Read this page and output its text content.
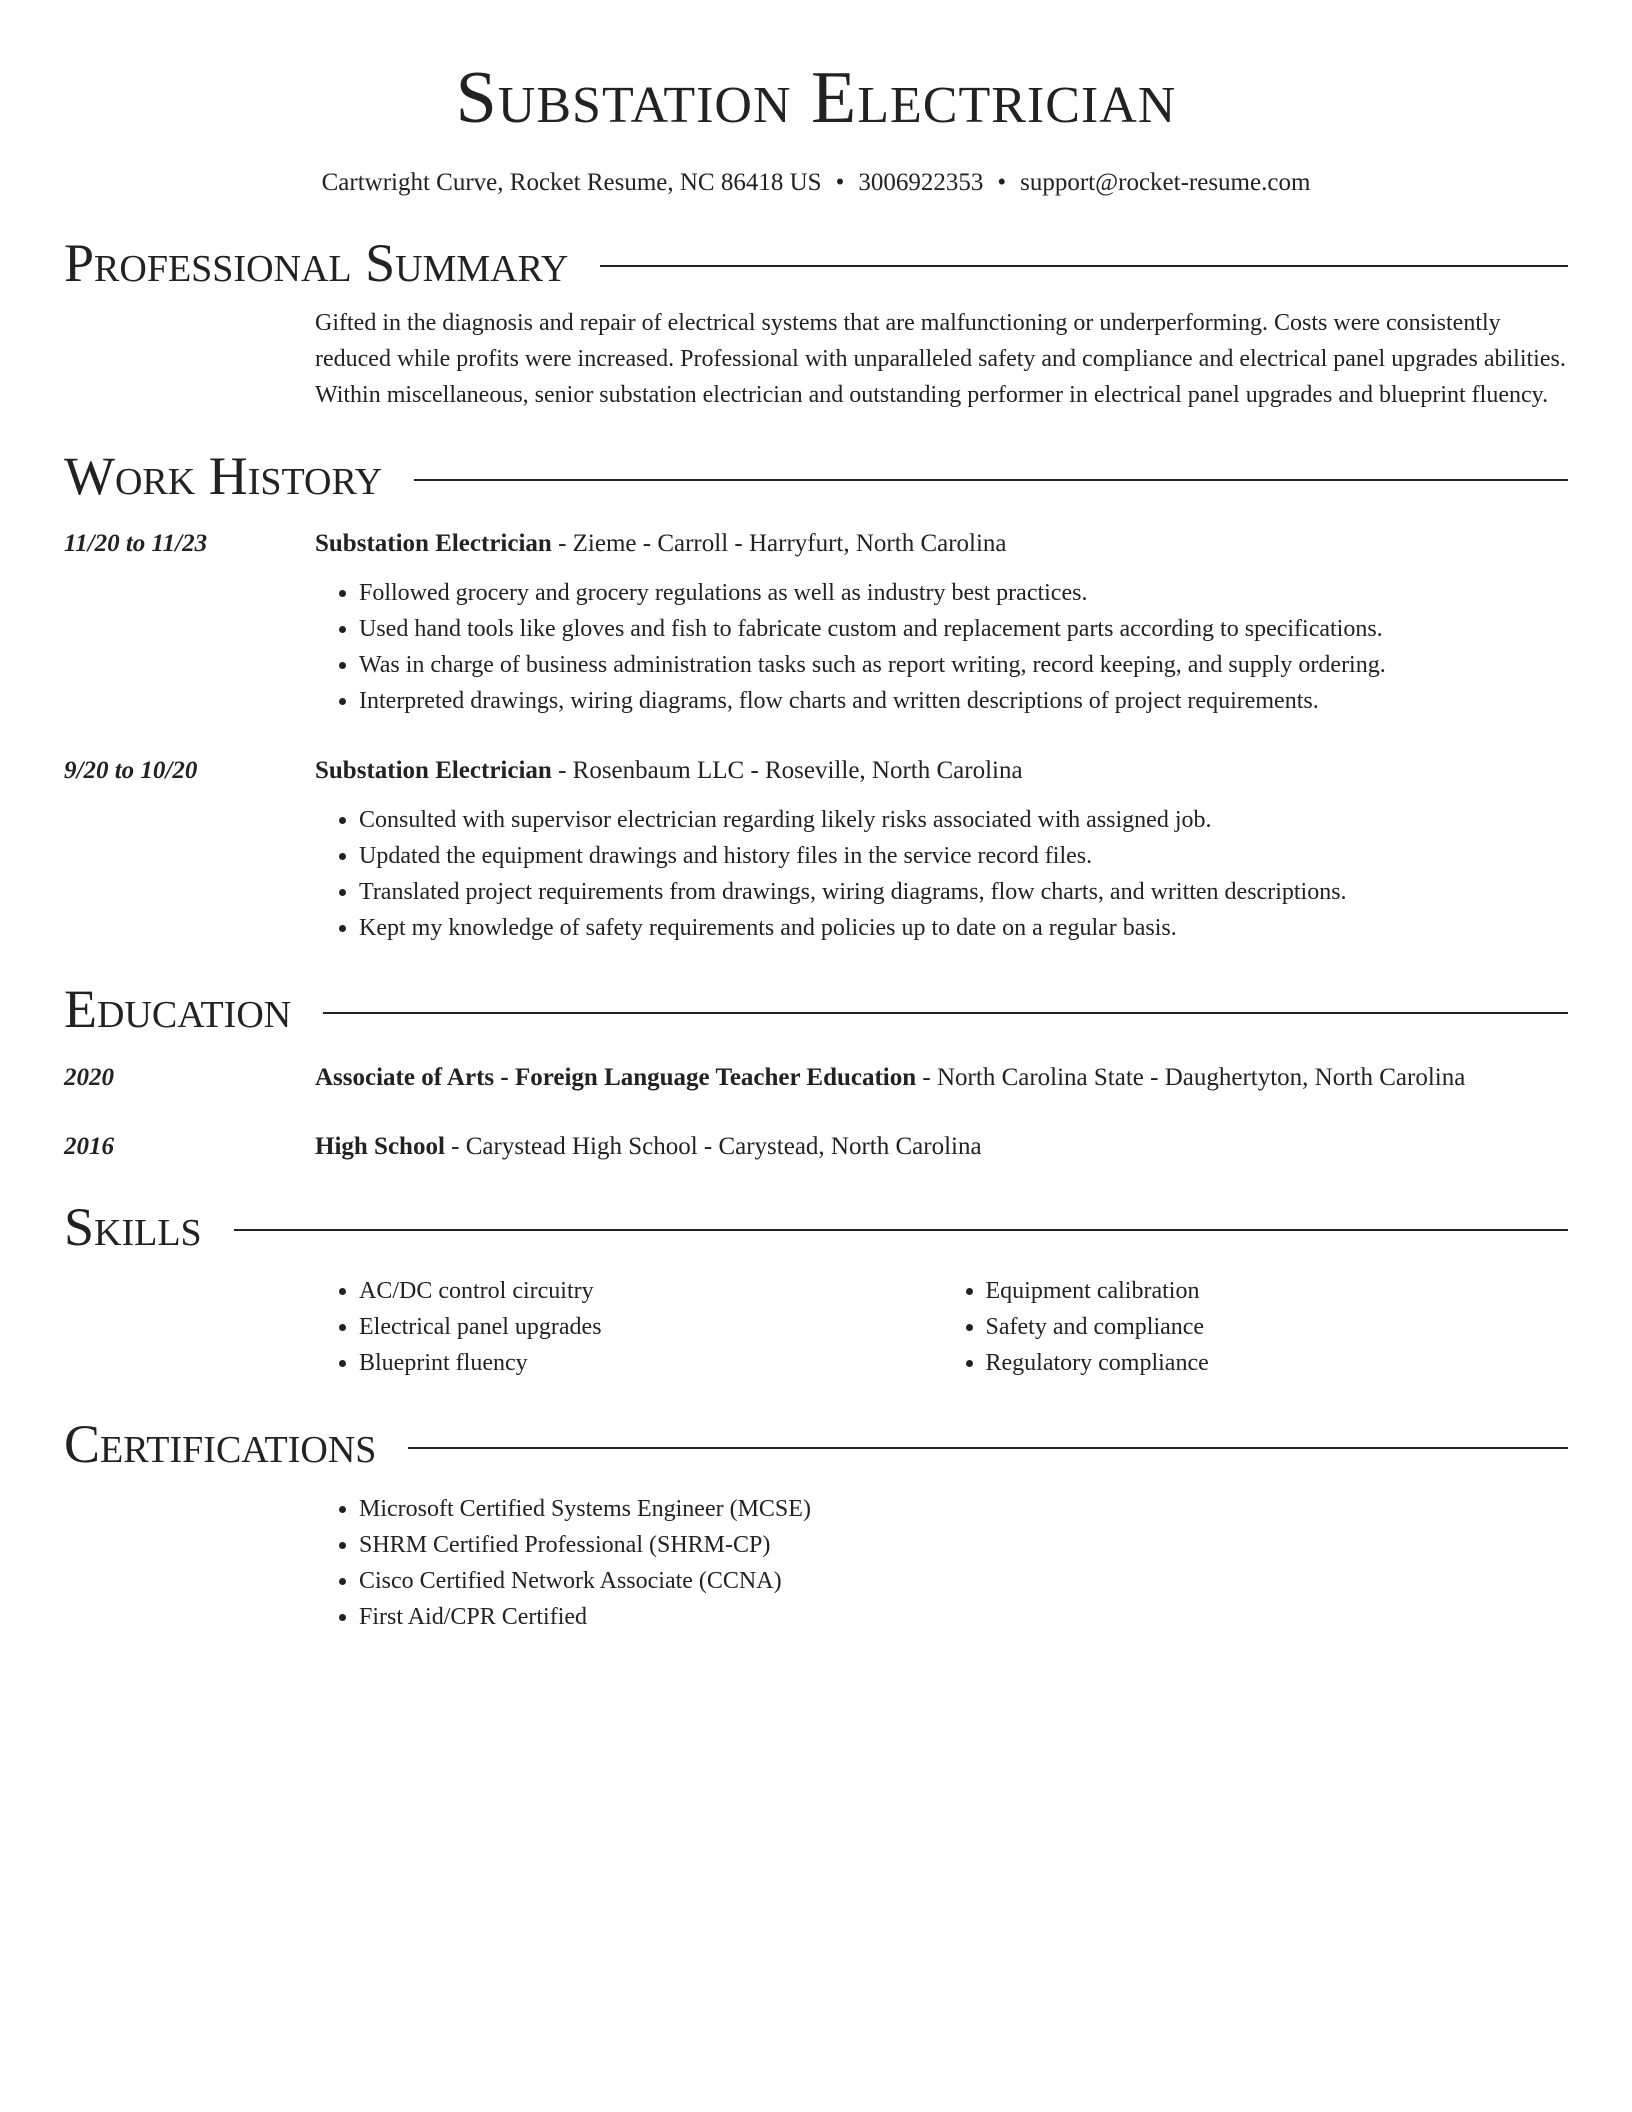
Substation Electrician
Cartwright Curve, Rocket Resume, NC 86418 US • 3006922353 • support@rocket-resume.com
Professional Summary
Gifted in the diagnosis and repair of electrical systems that are malfunctioning or underperforming. Costs were consistently reduced while profits were increased. Professional with unparalleled safety and compliance and electrical panel upgrades abilities. Within miscellaneous, senior substation electrician and outstanding performer in electrical panel upgrades and blueprint fluency.
Work History
11/20 to 11/23	Substation Electrician - Zieme - Carroll - Harryfurt, North Carolina
• Followed grocery and grocery regulations as well as industry best practices.
• Used hand tools like gloves and fish to fabricate custom and replacement parts according to specifications.
• Was in charge of business administration tasks such as report writing, record keeping, and supply ordering.
• Interpreted drawings, wiring diagrams, flow charts and written descriptions of project requirements.
9/20 to 10/20	Substation Electrician - Rosenbaum LLC - Roseville, North Carolina
• Consulted with supervisor electrician regarding likely risks associated with assigned job.
• Updated the equipment drawings and history files in the service record files.
• Translated project requirements from drawings, wiring diagrams, flow charts, and written descriptions.
• Kept my knowledge of safety requirements and policies up to date on a regular basis.
Education
2020	Associate of Arts - Foreign Language Teacher Education - North Carolina State - Daughertyton, North Carolina
2016	High School - Carystead High School - Carystead, North Carolina
Skills
• AC/DC control circuitry
• Electrical panel upgrades
• Blueprint fluency
• Equipment calibration
• Safety and compliance
• Regulatory compliance
Certifications
• Microsoft Certified Systems Engineer (MCSE)
• SHRM Certified Professional (SHRM-CP)
• Cisco Certified Network Associate (CCNA)
• First Aid/CPR Certified
